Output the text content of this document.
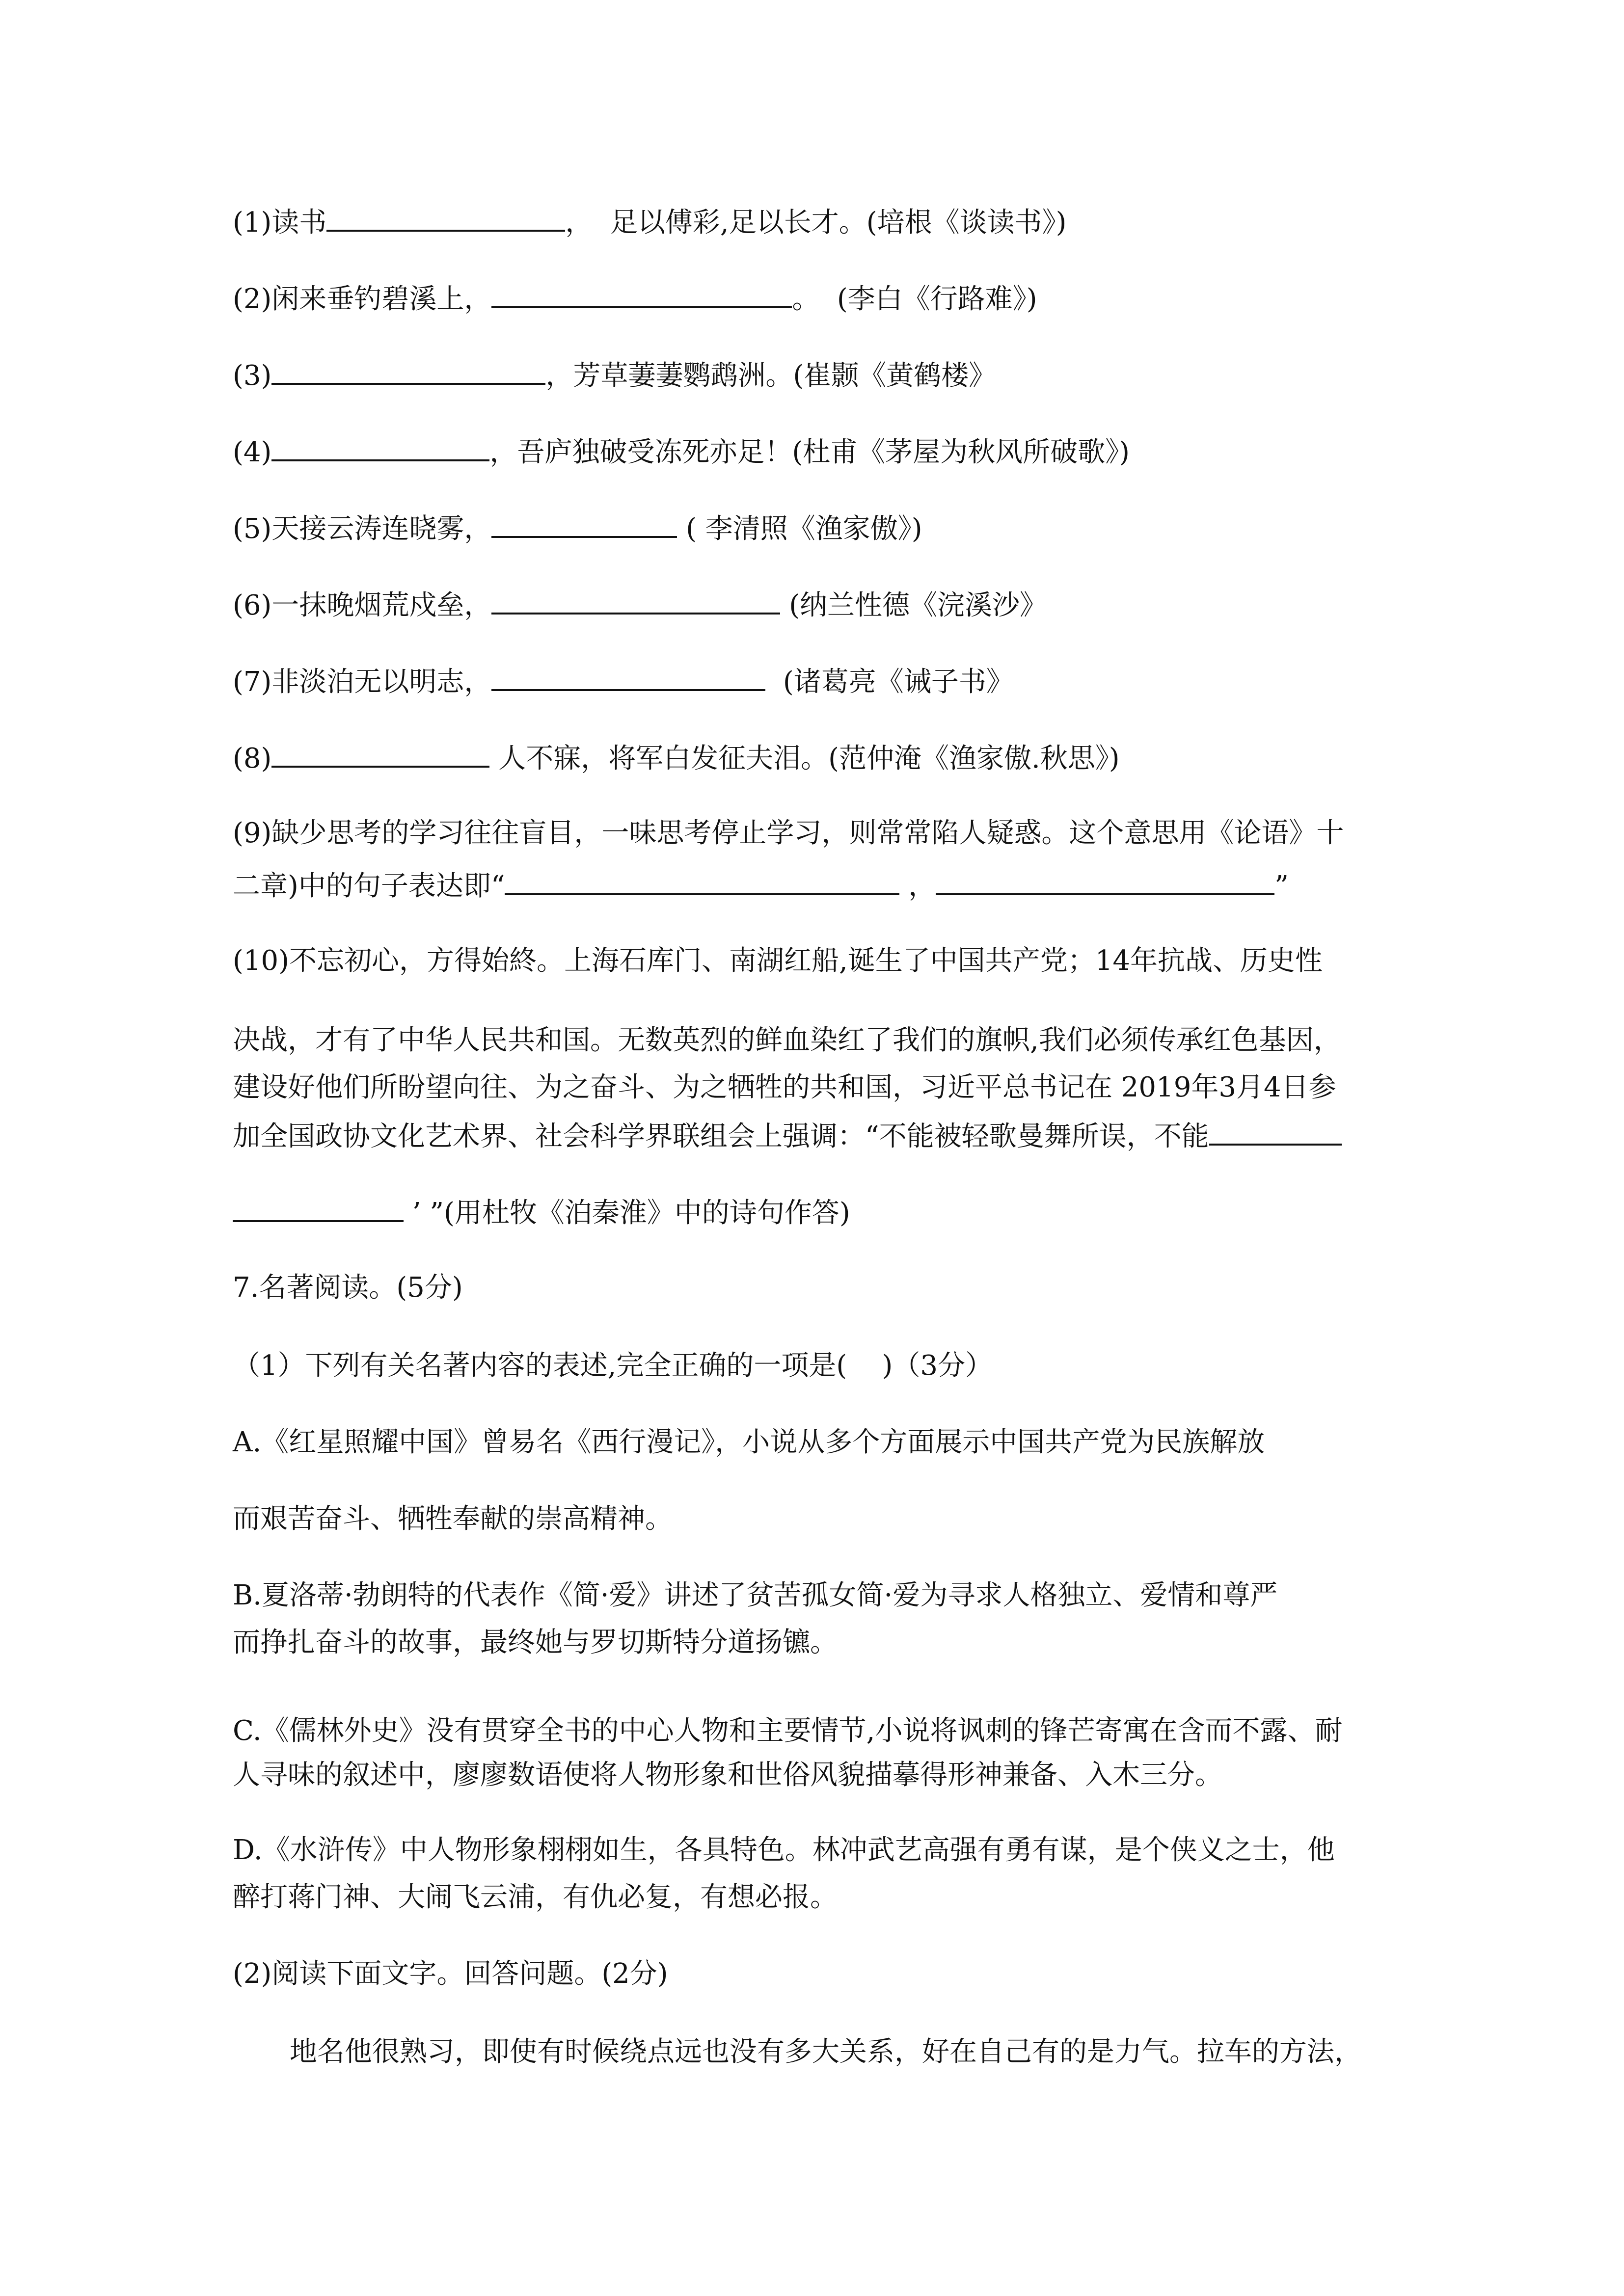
(1)读书	，  足以傅彩,足以长才。(培根《谈读书》)
(2)闲来垂钓碧溪上，	。  (李白《行路难》)
(3)	，芳草萋萋鹦鹉洲。(崔颢《黄鹤楼》
(4)	，吾庐独破受冻死亦足！(杜甫《茅屋为秋风所破歌》)
(5)天接云涛连晓雾，	( 李清照《渔家傲》)
(6)一抹晚烟荒戍垒，	(纳兰性德《浣溪沙》
(7)非淡泊无以明志，	(诸葛亮《诫子书》
(8)	人不寐，将军白发征夫泪。(范仲淹《渔家傲.秋思》)
(9)缺少思考的学习往往盲目，一味思考停止学习，则常常陷人疑惑。这个意思用《论语》十
二章)中的句子表达即“	，	”
(10)不忘初心，方得始終。上海石库门、南湖红船,诞生了中国共产党；14年抗战、历史性
决战，才有了中华人民共和国。无数英烈的鲜血染红了我们的旗帜,我们必须传承红色基因，
建设好他们所盼望向往、为之奋斗、为之牺牲的共和国，习近平总书记在 2019年3月4日参
加全国政协文化艺术界、社会科学界联组会上强调：“不能被轻歌曼舞所误，不能
’ ”(用杜牧《泊秦淮》中的诗句作答)
7.名著阅读。(5分)
（1）下列有关名著内容的表述,完全正确的一项是(    )（3分）
A.《红星照耀中国》曾易名《西行漫记》，小说从多个方面展示中国共产党为民族解放
而艰苦奋斗、牺牲奉献的崇高精神。
B.夏洛蒂·勃朗特的代表作《简·爱》讲述了贫苦孤女简·爱为寻求人格独立、爱情和尊严
而挣扎奋斗的故事，最终她与罗切斯特分道扬镳。
C.《儒林外史》没有贯穿全书的中心人物和主要情节,小说将讽刺的锋芒寄寓在含而不露、耐
人寻味的叙述中，廖廖数语使将人物形象和世俗风貌描摹得形神兼备、入木三分。
D.《水浒传》中人物形象栩栩如生，各具特色。林冲武艺高强有勇有谋，是个侠义之士，他
醉打蒋门神、大闹飞云浦，有仇必复，有想必报。
(2)阅读下面文字。回答问题。(2分)
地名他很熟习，即使有时候绕点远也没有多大关系，好在自己有的是力气。拉车的方法，
